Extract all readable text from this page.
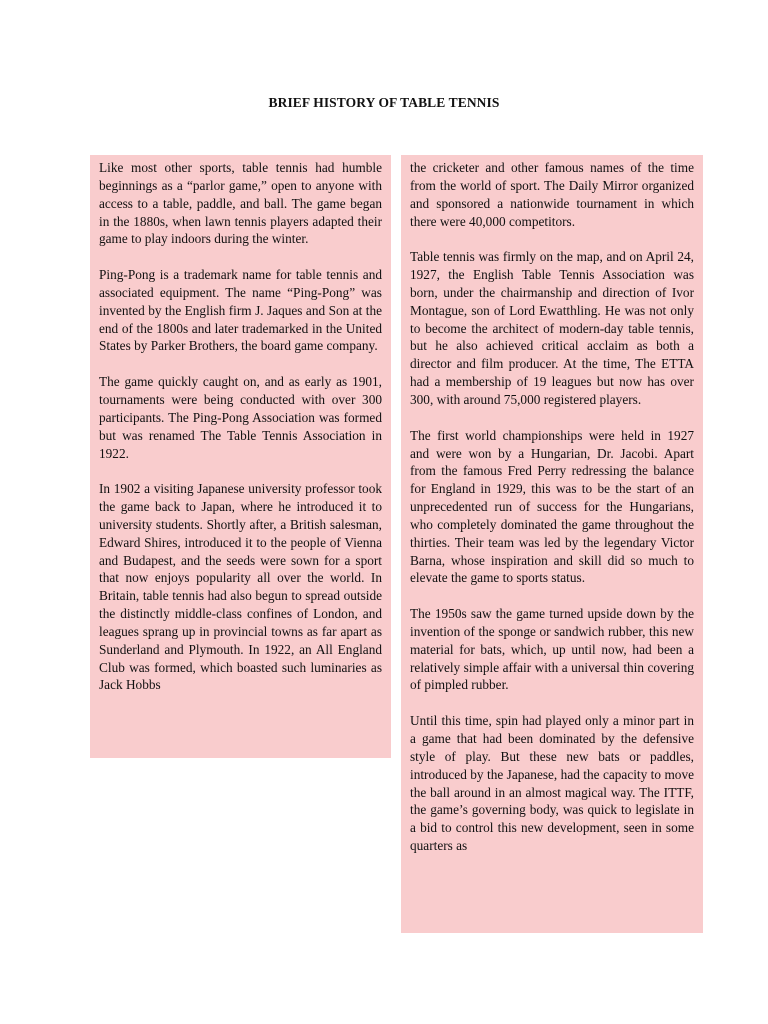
BRIEF HISTORY OF TABLE TENNIS

Like most other sports, table tennis had humble beginnings as a “parlor game,” open to anyone with access to a table, paddle, and ball. The game began in the 1880s, when lawn tennis players adapted their game to play indoors during the winter.

Ping-Pong is a trademark name for table tennis and associated equipment. The name “Ping-Pong” was invented by the English firm J. Jaques and Son at the end of the 1800s and later trademarked in the United States by Parker Brothers, the board game company.

The game quickly caught on, and as early as 1901, tournaments were being conducted with over 300 participants. The Ping-Pong Association was formed but was renamed The Table Tennis Association in 1922.

In 1902 a visiting Japanese university professor took the game back to Japan, where he introduced it to university students. Shortly after, a British salesman, Edward Shires, introduced it to the people of Vienna and Budapest, and the seeds were sown for a sport that now enjoys popularity all over the world. In Britain, table tennis had also begun to spread outside the distinctly middle-class confines of London, and leagues sprang up in provincial towns as far apart as Sunderland and Plymouth. In 1922, an All England Club was formed, which boasted such luminaries as Jack Hobbs

the cricketer and other famous names of the time from the world of sport. The Daily Mirror organized and sponsored a nationwide tournament in which there were 40,000 competitors.

Table tennis was firmly on the map, and on April 24, 1927, the English Table Tennis Association was born, under the chairmanship and direction of Ivor Montague, son of Lord Ewatthling. He was not only to become the architect of modern-day table tennis, but he also achieved critical acclaim as both a director and film producer. At the time, The ETTA had a membership of 19 leagues but now has over 300, with around 75,000 registered players.

The first world championships were held in 1927 and were won by a Hungarian, Dr. Jacobi. Apart from the famous Fred Perry redressing the balance for England in 1929, this was to be the start of an unprecedented run of success for the Hungarians, who completely dominated the game throughout the thirties. Their team was led by the legendary Victor Barna, whose inspiration and skill did so much to elevate the game to sports status.

The 1950s saw the game turned upside down by the invention of the sponge or sandwich rubber, this new material for bats, which, up until now, had been a relatively simple affair with a universal thin covering of pimpled rubber.

Until this time, spin had played only a minor part in a game that had been dominated by the defensive style of play. But these new bats or paddles, introduced by the Japanese, had the capacity to move the ball around in an almost magical way. The ITTF, the game’s governing body, was quick to legislate in a bid to control this new development, seen in some quarters as
